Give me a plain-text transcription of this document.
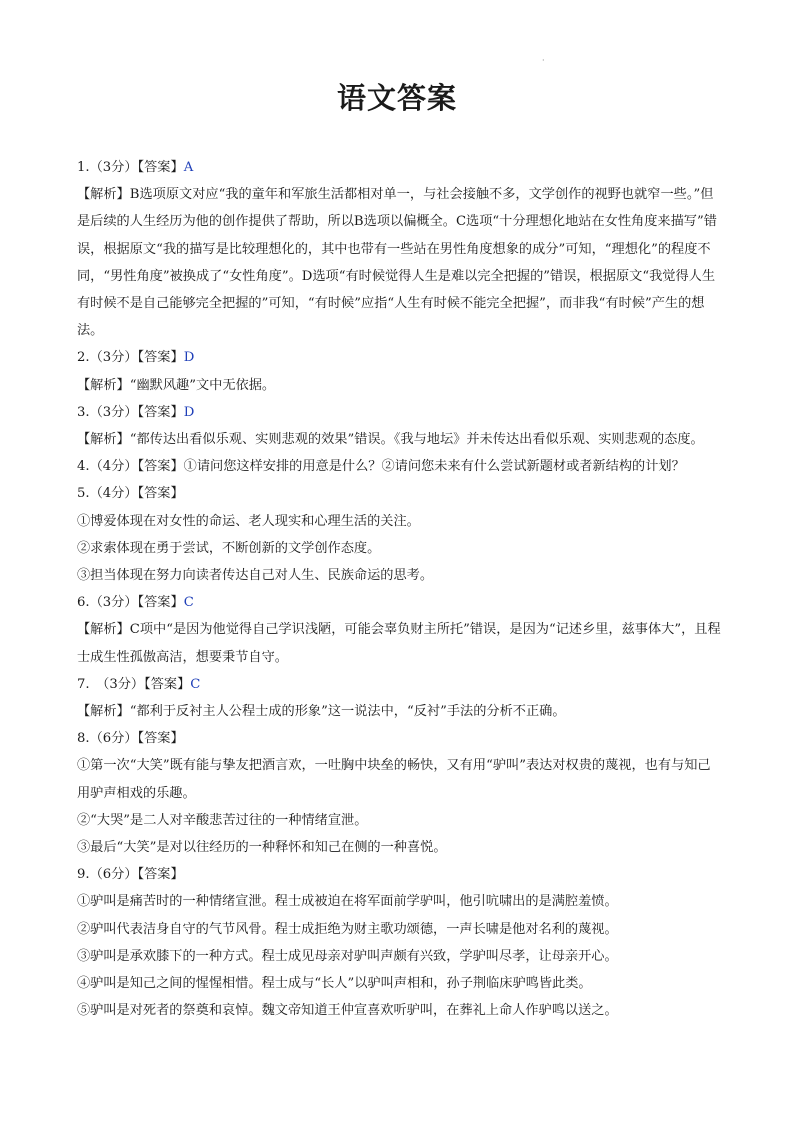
·
语文答案

1.（3分）【答案】A

【解析】B选项原文对应“我的童年和军旅生活都相对单一，与社会接触不多，文学创作的视野也就窄一些。”但是后续的人生经历为他的创作提供了帮助，所以B选项以偏概全。C选项“十分理想化地站在女性角度来描写”错误，根据原文“我的描写是比较理想化的，其中也带有一些站在男性角度想象的成分”可知，“理想化”的程度不同，“男性角度”被换成了“女性角度”。D选项“有时候觉得人生是难以完全把握的”错误，根据原文“我觉得人生有时候不是自己能够完全把握的”可知，“有时候”应指“人生有时候不能完全把握”，而非我“有时候”产生的想法。

2.（3分）【答案】D

【解析】“幽默风趣”文中无依据。

3.（3分）【答案】D

【解析】“都传达出看似乐观、实则悲观的效果”错误。《我与地坛》并未传达出看似乐观、实则悲观的态度。

4.（4分）【答案】①请问您这样安排的用意是什么？②请问您未来有什么尝试新题材或者新结构的计划？

5.（4分）【答案】

①博爱体现在对女性的命运、老人现实和心理生活的关注。

②求索体现在勇于尝试，不断创新的文学创作态度。

③担当体现在努力向读者传达自己对人生、民族命运的思考。

6.（3分）【答案】C

【解析】C项中“是因为他觉得自己学识浅陋，可能会辜负财主所托”错误，是因为“记述乡里，兹事体大”，且程士成生性孤傲高洁，想要秉节自守。

7.　（3分）【答案】C

【解析】“都利于反衬主人公程士成的形象”这一说法中，“反衬”手法的分析不正确。

8.（6分）【答案】

①第一次“大笑”既有能与挚友把酒言欢，一吐胸中块垒的畅快，又有用“驴叫”表达对权贵的蔑视，也有与知己用驴声相戏的乐趣。

②“大哭”是二人对辛酸悲苦过往的一种情绪宣泄。

③最后“大笑”是对以往经历的一种释怀和知己在侧的一种喜悦。

9.（6分）【答案】

①驴叫是痛苦时的一种情绪宣泄。程士成被迫在将军面前学驴叫，他引吭啸出的是满腔羞愤。

②驴叫代表洁身自守的气节风骨。程士成拒绝为财主歌功颂德，一声长啸是他对名利的蔑视。

③驴叫是承欢膝下的一种方式。程士成见母亲对驴叫声颇有兴致，学驴叫尽孝，让母亲开心。

④驴叫是知己之间的惺惺相惜。程士成与“长人”以驴叫声相和，孙子荆临床驴鸣皆此类。

⑤驴叫是对死者的祭奠和哀悼。魏文帝知道王仲宣喜欢听驴叫，在葬礼上命人作驴鸣以送之。
